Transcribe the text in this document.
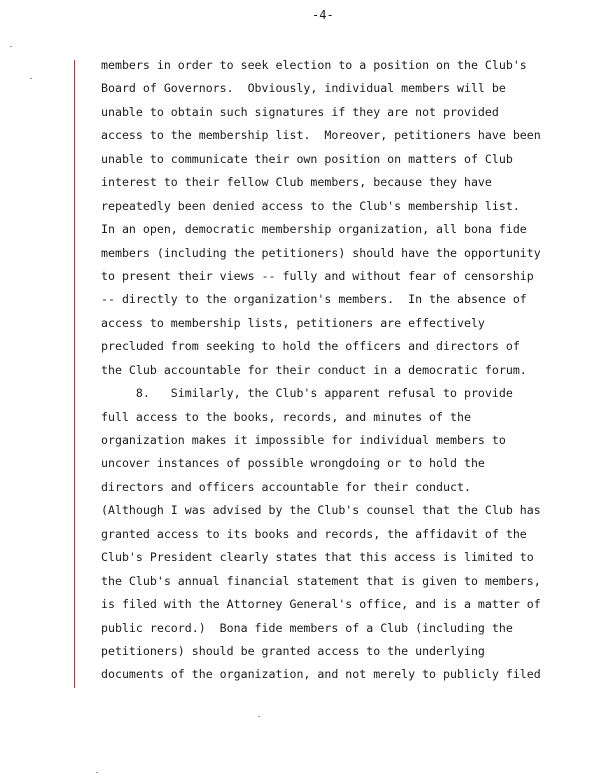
-4-
members in order to seek election to a position on the Club's
Board of Governors.  Obviously, individual members will be
unable to obtain such signatures if they are not provided
access to the membership list.  Moreover, petitioners have been
unable to communicate their own position on matters of Club
interest to their fellow Club members, because they have
repeatedly been denied access to the Club's membership list.
In an open, democratic membership organization, all bona fide
members (including the petitioners) should have the opportunity
to present their views -- fully and without fear of censorship
-- directly to the organization's members.  In the absence of
access to membership lists, petitioners are effectively
precluded from seeking to hold the officers and directors of
the Club accountable for their conduct in a democratic forum.
8.   Similarly, the Club's apparent refusal to provide
full access to the books, records, and minutes of the
organization makes it impossible for individual members to
uncover instances of possible wrongdoing or to hold the
directors and officers accountable for their conduct.
(Although I was advised by the Club's counsel that the Club has
granted access to its books and records, the affidavit of the
Club's President clearly states that this access is limited to
the Club's annual financial statement that is given to members,
is filed with the Attorney General's office, and is a matter of
public record.)  Bona fide members of a Club (including the
petitioners) should be granted access to the underlying
documents of the organization, and not merely to publicly filed
